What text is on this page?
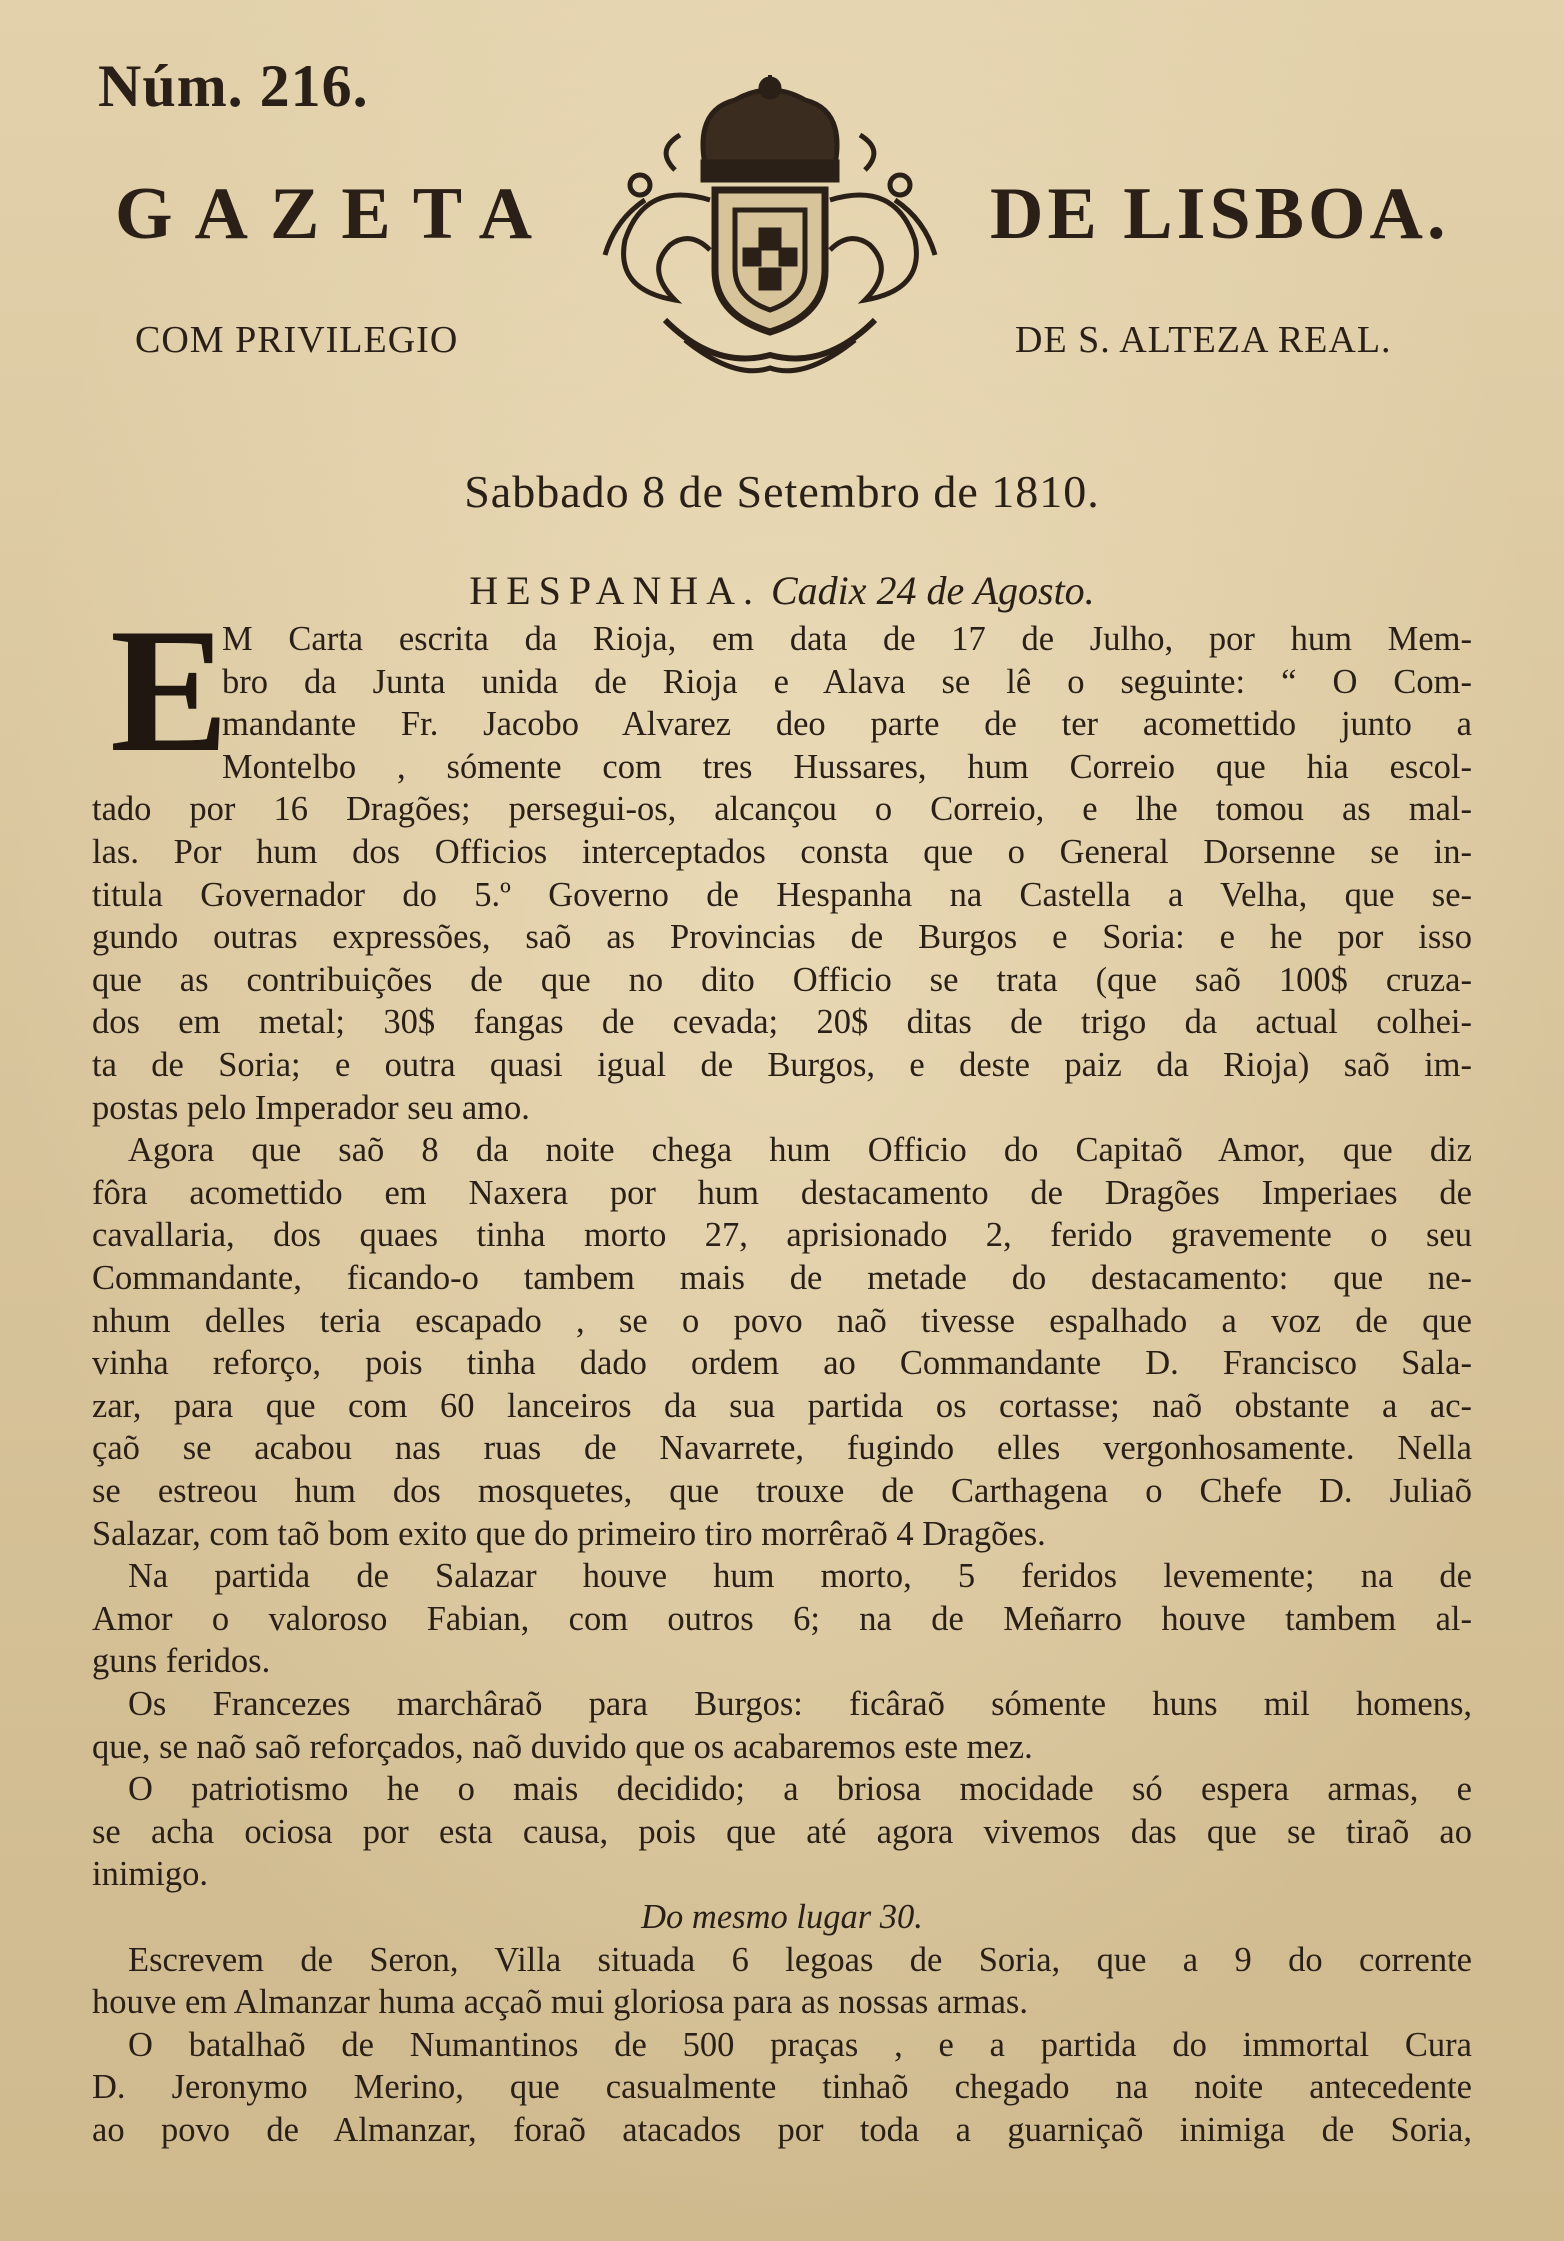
Núm. 216.
GAZETA	DE LISBOA.
COM PRIVILEGIO	DE S. ALTEZA REAL.
Sabbado 8 de Setembro de 1810.
HESPANHA. Cadix 24 de Agosto.
E
M Carta escrita da Rioja, em data de 17 de Julho, por hum Mem-
bro da Junta unida de Rioja e Alava se lê o seguinte: “ O Com-
mandante Fr. Jacobo Alvarez deo parte de ter acomettido junto a
Montelbo , sómente com tres Hussares, hum Correio que hia escol-
tado por 16 Dragões; persegui-os, alcançou o Correio, e lhe tomou as mal-
las. Por hum dos Officios interceptados consta que o General Dorsenne se in-
titula Governador do 5.º Governo de Hespanha na Castella a Velha, que se-
gundo outras expressões, saõ as Provincias de Burgos e Soria: e he por isso
que as contribuições de que no dito Officio se trata (que saõ 100$ cruza-
dos em metal; 30$ fangas de cevada; 20$ ditas de trigo da actual colhei-
ta de Soria; e outra quasi igual de Burgos, e deste paiz da Rioja) saõ im-
postas pelo Imperador seu amo.
Agora que saõ 8 da noite chega hum Officio do Capitaõ Amor, que diz
fôra acomettido em Naxera por hum destacamento de Dragões Imperiaes de
cavallaria, dos quaes tinha morto 27, aprisionado 2, ferido gravemente o seu
Commandante, ficando-o tambem mais de metade do destacamento: que ne-
nhum delles teria escapado , se o povo naõ tivesse espalhado a voz de que
vinha reforço, pois tinha dado ordem ao Commandante D. Francisco Sala-
zar, para que com 60 lanceiros da sua partida os cortasse; naõ obstante a ac-
çaõ se acabou nas ruas de Navarrete, fugindo elles vergonhosamente. Nella
se estreou hum dos mosquetes, que trouxe de Carthagena o Chefe D. Juliaõ
Salazar, com taõ bom exito que do primeiro tiro morrêraõ 4 Dragões.
Na partida de Salazar houve hum morto, 5 feridos levemente; na de
Amor o valoroso Fabian, com outros 6; na de Meñarro houve tambem al-
guns feridos.
Os Francezes marchâraõ para Burgos: ficâraõ sómente huns mil homens,
que, se naõ saõ reforçados, naõ duvido que os acabaremos este mez.
O patriotismo he o mais decidido; a briosa mocidade só espera armas, e
se acha ociosa por esta causa, pois que até agora vivemos das que se tiraõ ao
inimigo.
Do mesmo lugar 30.
Escrevem de Seron, Villa situada 6 legoas de Soria, que a 9 do corrente
houve em Almanzar huma acçaõ mui gloriosa para as nossas armas.
O batalhaõ de Numantinos de 500 praças , e a partida do immortal Cura
D. Jeronymo Merino, que casualmente tinhaõ chegado na noite antecedente
ao povo de Almanzar, foraõ atacados por toda a guarniçaõ inimiga de Soria,
